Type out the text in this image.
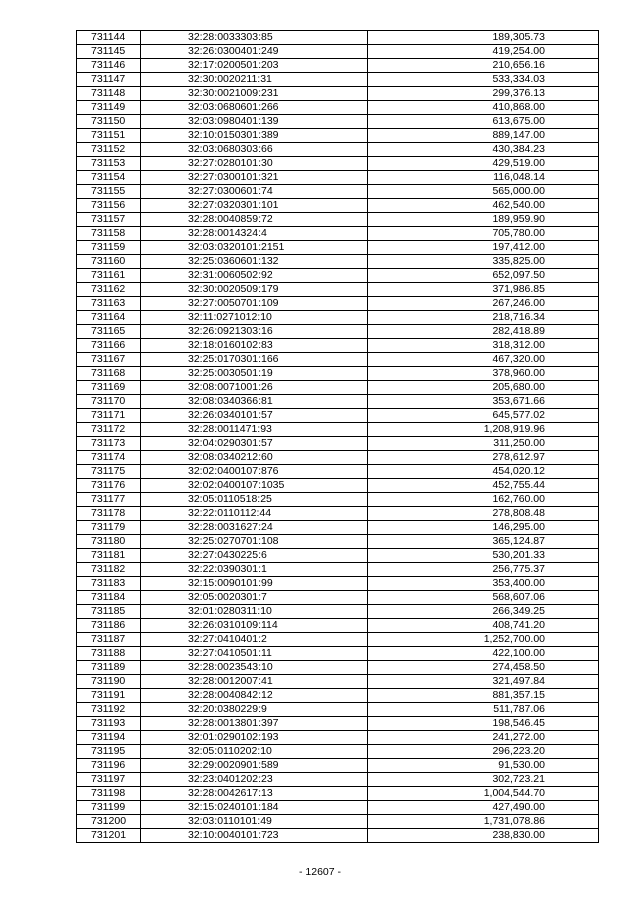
731144	32:28:0033303:85	189,305.73
731145	32:26:0300401:249	419,254.00
731146	32:17:0200501:203	210,656.16
731147	32:30:0020211:31	533,334.03
731148	32:30:0021009:231	299,376.13
731149	32:03:0680601:266	410,868.00
731150	32:03:0980401:139	613,675.00
731151	32:10:0150301:389	889,147.00
731152	32:03:0680303:66	430,384.23
731153	32:27:0280101:30	429,519.00
731154	32:27:0300101:321	116,048.14
731155	32:27:0300601:74	565,000.00
731156	32:27:0320301:101	462,540.00
731157	32:28:0040859:72	189,959.90
731158	32:28:0014324:4	705,780.00
731159	32:03:0320101:2151	197,412.00
731160	32:25:0360601:132	335,825.00
731161	32:31:0060502:92	652,097.50
731162	32:30:0020509:179	371,986.85
731163	32:27:0050701:109	267,246.00
731164	32:11:0271012:10	218,716.34
731165	32:26:0921303:16	282,418.89
731166	32:18:0160102:83	318,312.00
731167	32:25:0170301:166	467,320.00
731168	32:25:0030501:19	378,960.00
731169	32:08:0071001:26	205,680.00
731170	32:08:0340366:81	353,671.66
731171	32:26:0340101:57	645,577.02
731172	32:28:0011471:93	1,208,919.96
731173	32:04:0290301:57	311,250.00
731174	32:08:0340212:60	278,612.97
731175	32:02:0400107:876	454,020.12
731176	32:02:0400107:1035	452,755.44
731177	32:05:0110518:25	162,760.00
731178	32:22:0110112:44	278,808.48
731179	32:28:0031627:24	146,295.00
731180	32:25:0270701:108	365,124.87
731181	32:27:0430225:6	530,201.33
731182	32:22:0390301:1	256,775.37
731183	32:15:0090101:99	353,400.00
731184	32:05:0020301:7	568,607.06
731185	32:01:0280311:10	266,349.25
731186	32:26:0310109:114	408,741.20
731187	32:27:0410401:2	1,252,700.00
731188	32:27:0410501:11	422,100.00
731189	32:28:0023543:10	274,458.50
731190	32:28:0012007:41	321,497.84
731191	32:28:0040842:12	881,357.15
731192	32:20:0380229:9	511,787.06
731193	32:28:0013801:397	198,546.45
731194	32:01:0290102:193	241,272.00
731195	32:05:0110202:10	296,223.20
731196	32:29:0020901:589	91,530.00
731197	32:23:0401202:23	302,723.21
731198	32:28:0042617:13	1,004,544.70
731199	32:15:0240101:184	427,490.00
731200	32:03:0110101:49	1,731,078.86
731201	32:10:0040101:723	238,830.00
- 12607 -
